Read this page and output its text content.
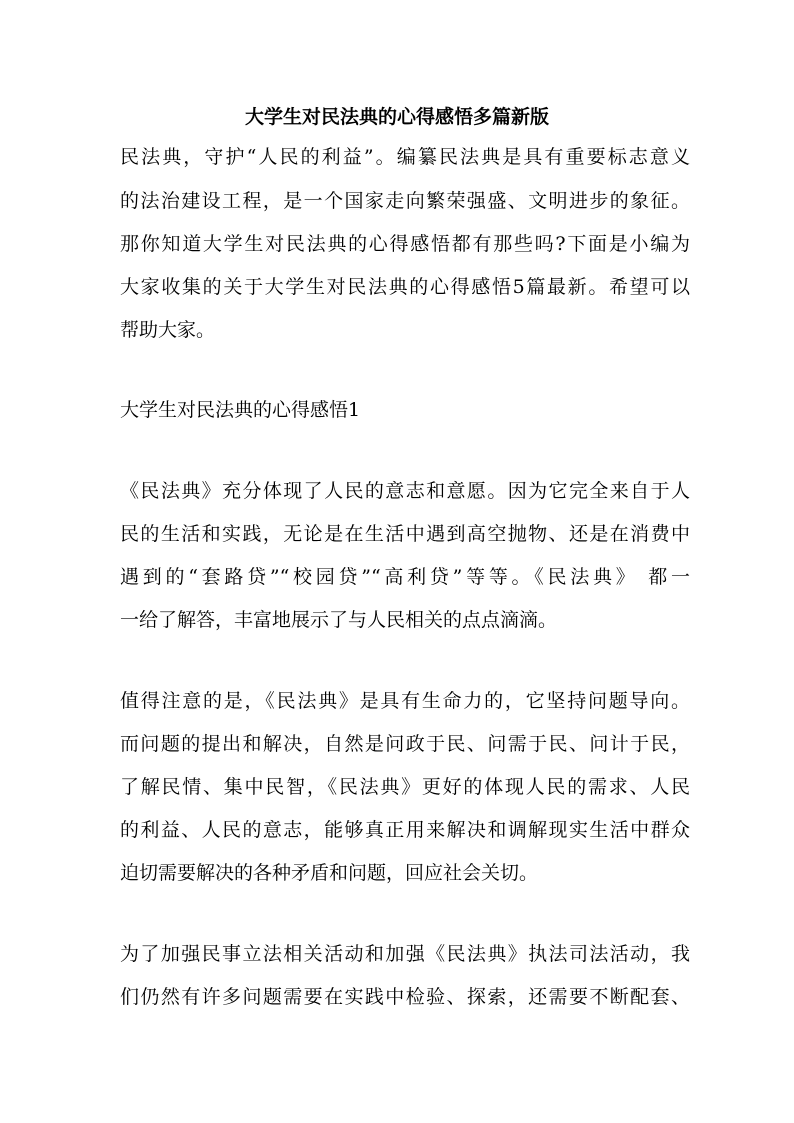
大学生对民法典的心得感悟多篇新版
民法典，守护“人民的利益”。编纂民法典是具有重要标志意义
的法治建设工程，是一个国家走向繁荣强盛、文明进步的象征。
那你知道大学生对民法典的心得感悟都有那些吗?下面是小编为
大家收集的关于大学生对民法典的心得感悟5篇最新。希望可以
帮助大家。
大学生对民法典的心得感悟1
《民法典》充分体现了人民的意志和意愿。因为它完全来自于人
民的生活和实践，无论是在生活中遇到高空抛物、还是在消费中
遇到的“套路贷”“校园贷”“高利贷”等等。《民法典》 都一
一给了解答，丰富地展示了与人民相关的点点滴滴。
值得注意的是，《民法典》是具有生命力的，它坚持问题导向。
而问题的提出和解决，自然是问政于民、问需于民、问计于民，
了解民情、集中民智，《民法典》更好的体现人民的需求、人民
的利益、人民的意志，能够真正用来解决和调解现实生活中群众
迫切需要解决的各种矛盾和问题，回应社会关切。
为了加强民事立法相关活动和加强《民法典》执法司法活动，我
们仍然有许多问题需要在实践中检验、探索，还需要不断配套、
